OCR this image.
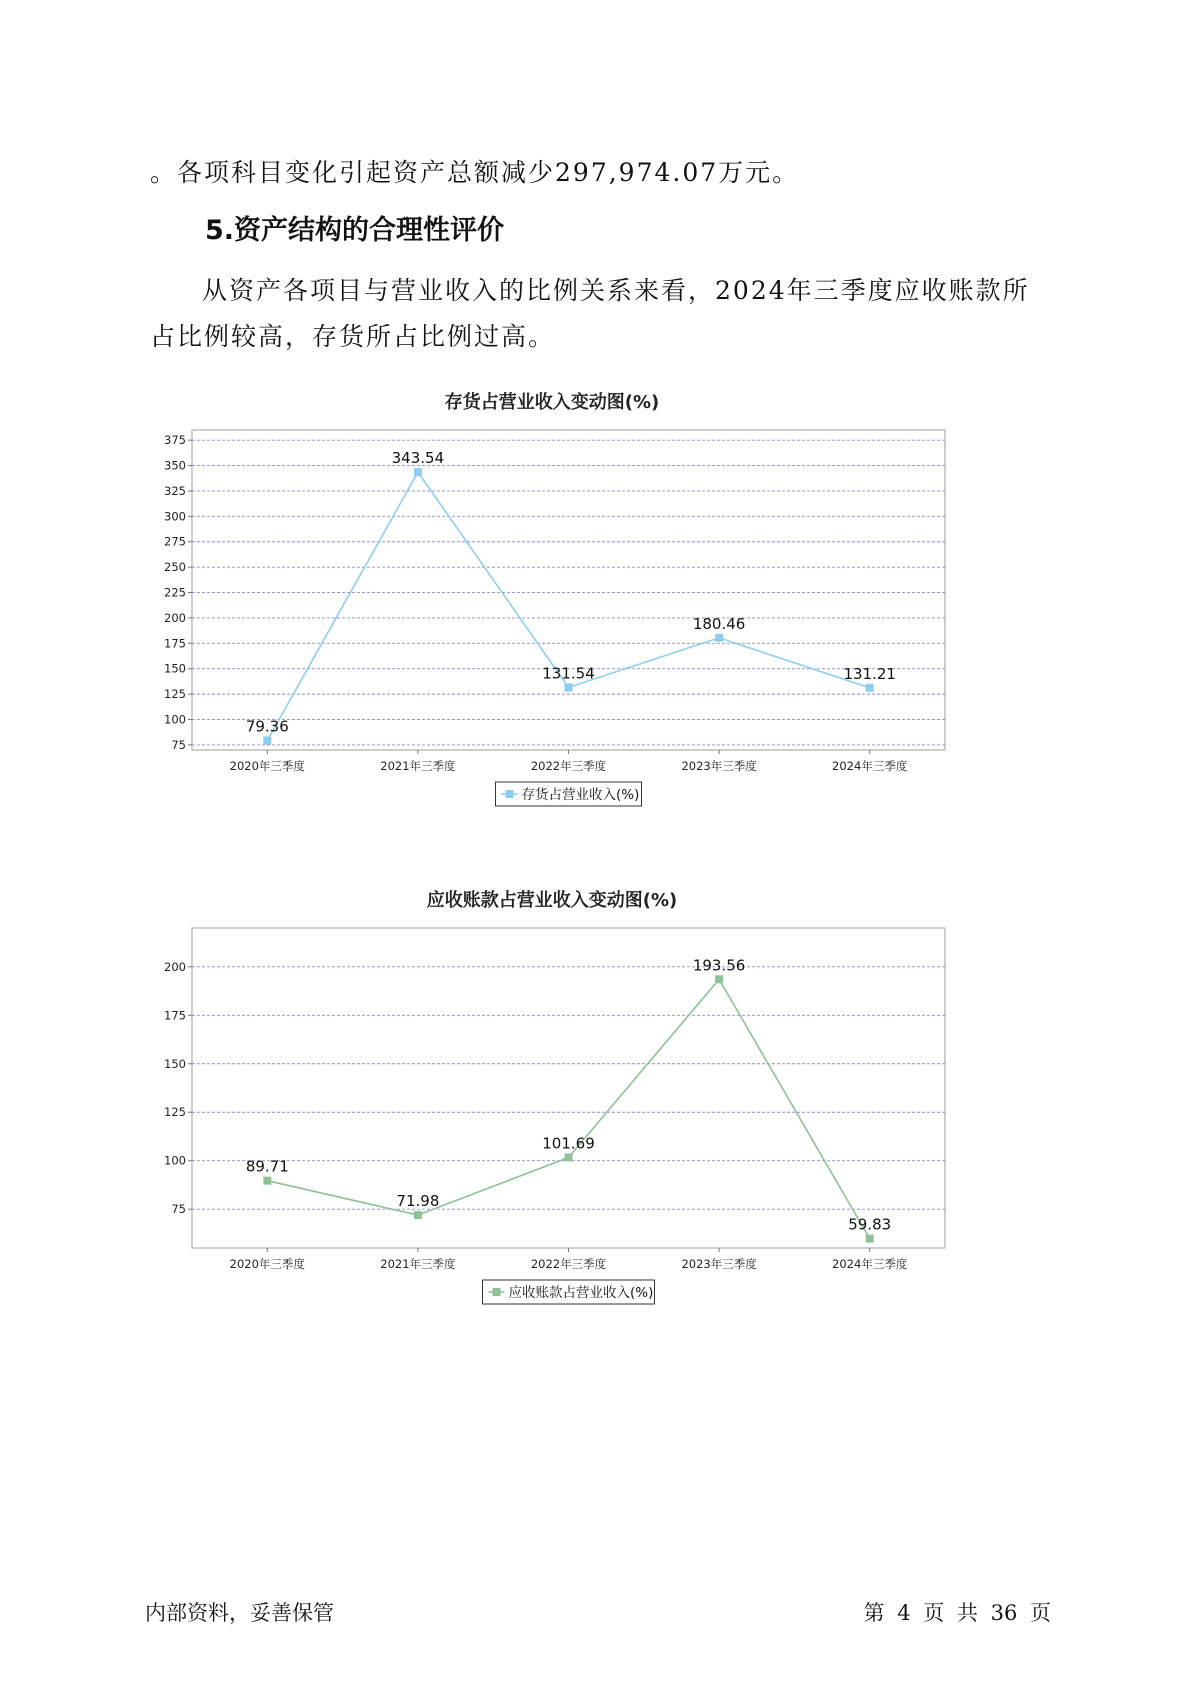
。各项科目变化引起资产总额减少297,974.07万元。

5.资产结构的合理性评价

从资产各项目与营业收入的比例关系来看，2024年三季度应收账款所占比例较高，存货所占比例过高。

存货占营业收入变动图(%)
75
100
125
150
175
200
225
250
275
300
325
350
375
2020年三季度	2021年三季度	2022年三季度	2023年三季度	2024年三季度
79.36
343.54
131.54
180.46
131.21
存货占营业收入(%)
应收账款占营业收入变动图(%)
75
100
125
150
175
200
2020年三季度	2021年三季度	2022年三季度	2023年三季度	2024年三季度
89.71
71.98
101.69
193.56
59.83
应收账款占营业收入(%)

内部资料，妥善保管	第 4 页 共 36 页
